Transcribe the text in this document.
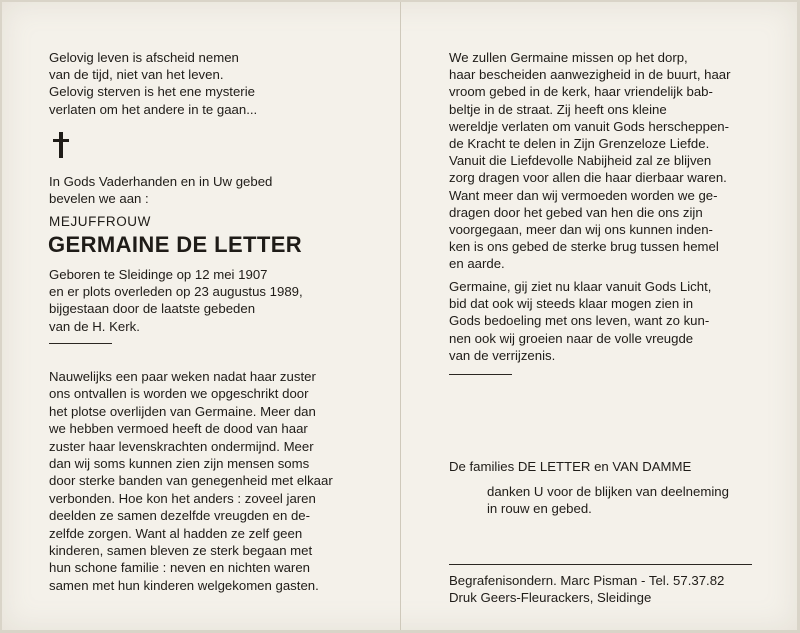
Gelovig leven is afscheid nemen
van de tijd, niet van het leven.
Gelovig sterven is het ene mysterie
verlaten om het andere in te gaan...
In Gods Vaderhanden en in Uw gebed
bevelen we aan :
MEJUFFROUW
GERMAINE DE LETTER
Geboren te Sleidinge op 12 mei 1907
en er plots overleden op 23 augustus 1989,
bijgestaan door de laatste gebeden
van de H. Kerk.
Nauwelijks een paar weken nadat haar zuster
ons ontvallen is worden we opgeschrikt door
het plotse overlijden van Germaine. Meer dan
we hebben vermoed heeft de dood van haar
zuster haar levenskrachten ondermijnd. Meer
dan wij soms kunnen zien zijn mensen soms
door sterke banden van genegenheid met elkaar
verbonden. Hoe kon het anders : zoveel jaren
deelden ze samen dezelfde vreugden en de-
zelfde zorgen. Want al hadden ze zelf geen
kinderen, samen bleven ze sterk begaan met
hun schone familie : neven en nichten waren
samen met hun kinderen welgekomen gasten.
We zullen Germaine missen op het dorp,
haar bescheiden aanwezigheid in de buurt, haar
vroom gebed in de kerk, haar vriendelijk bab-
beltje in de straat. Zij heeft ons kleine
wereldje verlaten om vanuit Gods herscheppen-
de Kracht te delen in Zijn Grenzeloze Liefde.
Vanuit die Liefdevolle Nabijheid zal ze blijven
zorg dragen voor allen die haar dierbaar waren.
Want meer dan wij vermoeden worden we ge-
dragen door het gebed van hen die ons zijn
voorgegaan, meer dan wij ons kunnen inden-
ken is ons gebed de sterke brug tussen hemel
en aarde.
Germaine, gij ziet nu klaar vanuit Gods Licht,
bid dat ook wij steeds klaar mogen zien in
Gods bedoeling met ons leven, want zo kun-
nen ook wij groeien naar de volle vreugde
van de verrijzenis.
De families DE LETTER en VAN DAMME
danken U voor de blijken van deelneming
in rouw en gebed.
Begrafenisondern. Marc Pisman - Tel. 57.37.82
Druk Geers-Fleurackers, Sleidinge
